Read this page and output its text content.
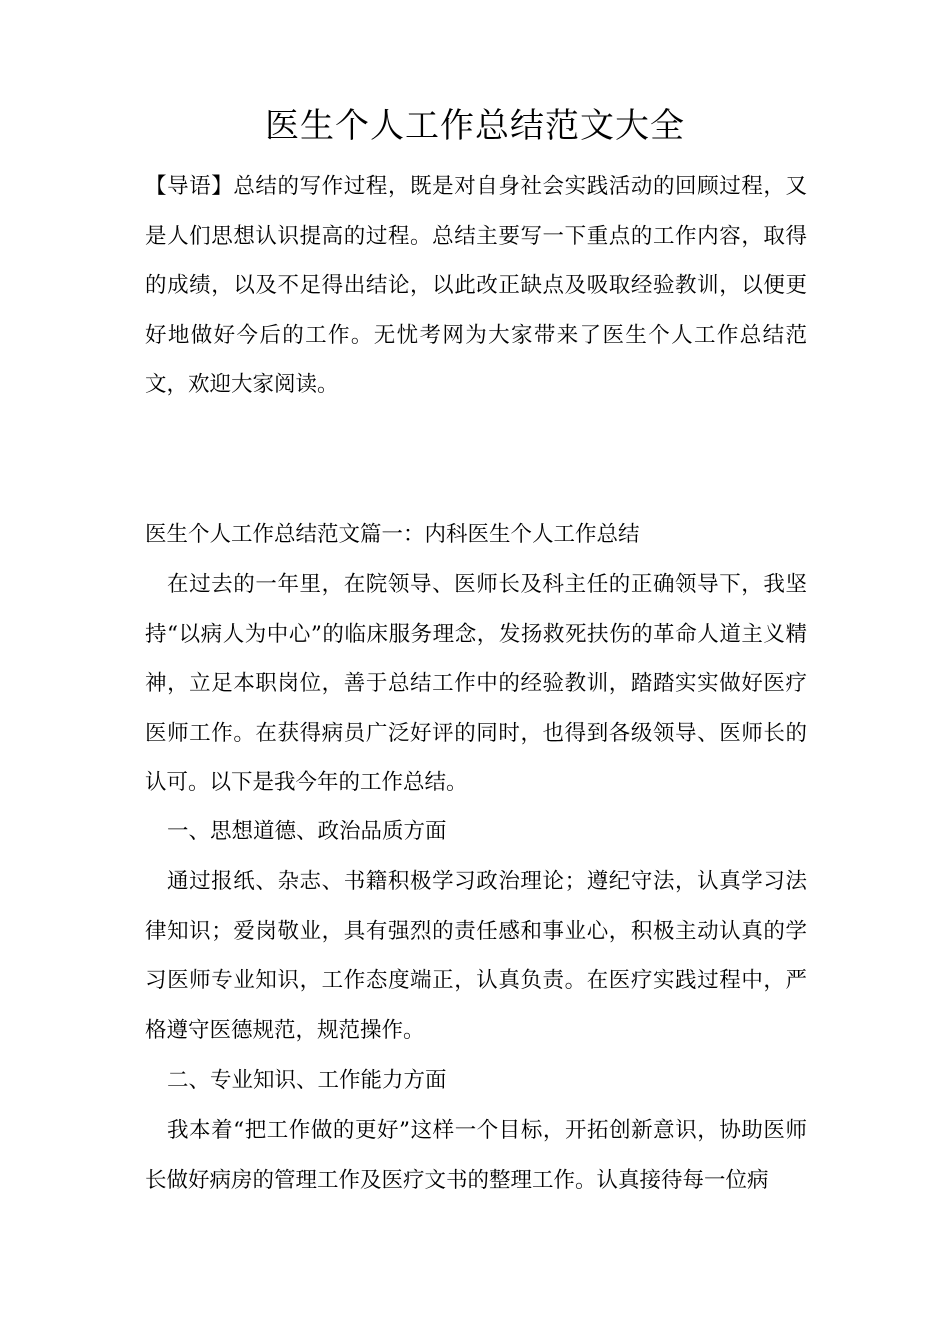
医生个人工作总结范文大全

【导语】总结的写作过程，既是对自身社会实践活动的回顾过程，又是人们思想认识提高的过程。总结主要写一下重点的工作内容，取得的成绩，以及不足得出结论，以此改正缺点及吸取经验教训，以便更好地做好今后的工作。无忧考网为大家带来了医生个人工作总结范文，欢迎大家阅读。

医生个人工作总结范文篇一：内科医生个人工作总结

在过去的一年里，在院领导、医师长及科主任的正确领导下，我坚持“以病人为中心”的临床服务理念，发扬救死扶伤的革命人道主义精神，立足本职岗位，善于总结工作中的经验教训，踏踏实实做好医疗医师工作。在获得病员广泛好评的同时，也得到各级领导、医师长的认可。以下是我今年的工作总结。

一、思想道德、政治品质方面

通过报纸、杂志、书籍积极学习政治理论；遵纪守法，认真学习法律知识；爱岗敬业，具有强烈的责任感和事业心，积极主动认真的学习医师专业知识，工作态度端正，认真负责。在医疗实践过程中，严格遵守医德规范，规范操作。

二、专业知识、工作能力方面

我本着“把工作做的更好”这样一个目标，开拓创新意识，协助医师长做好病房的管理工作及医疗文书的整理工作。认真接待每一位病
